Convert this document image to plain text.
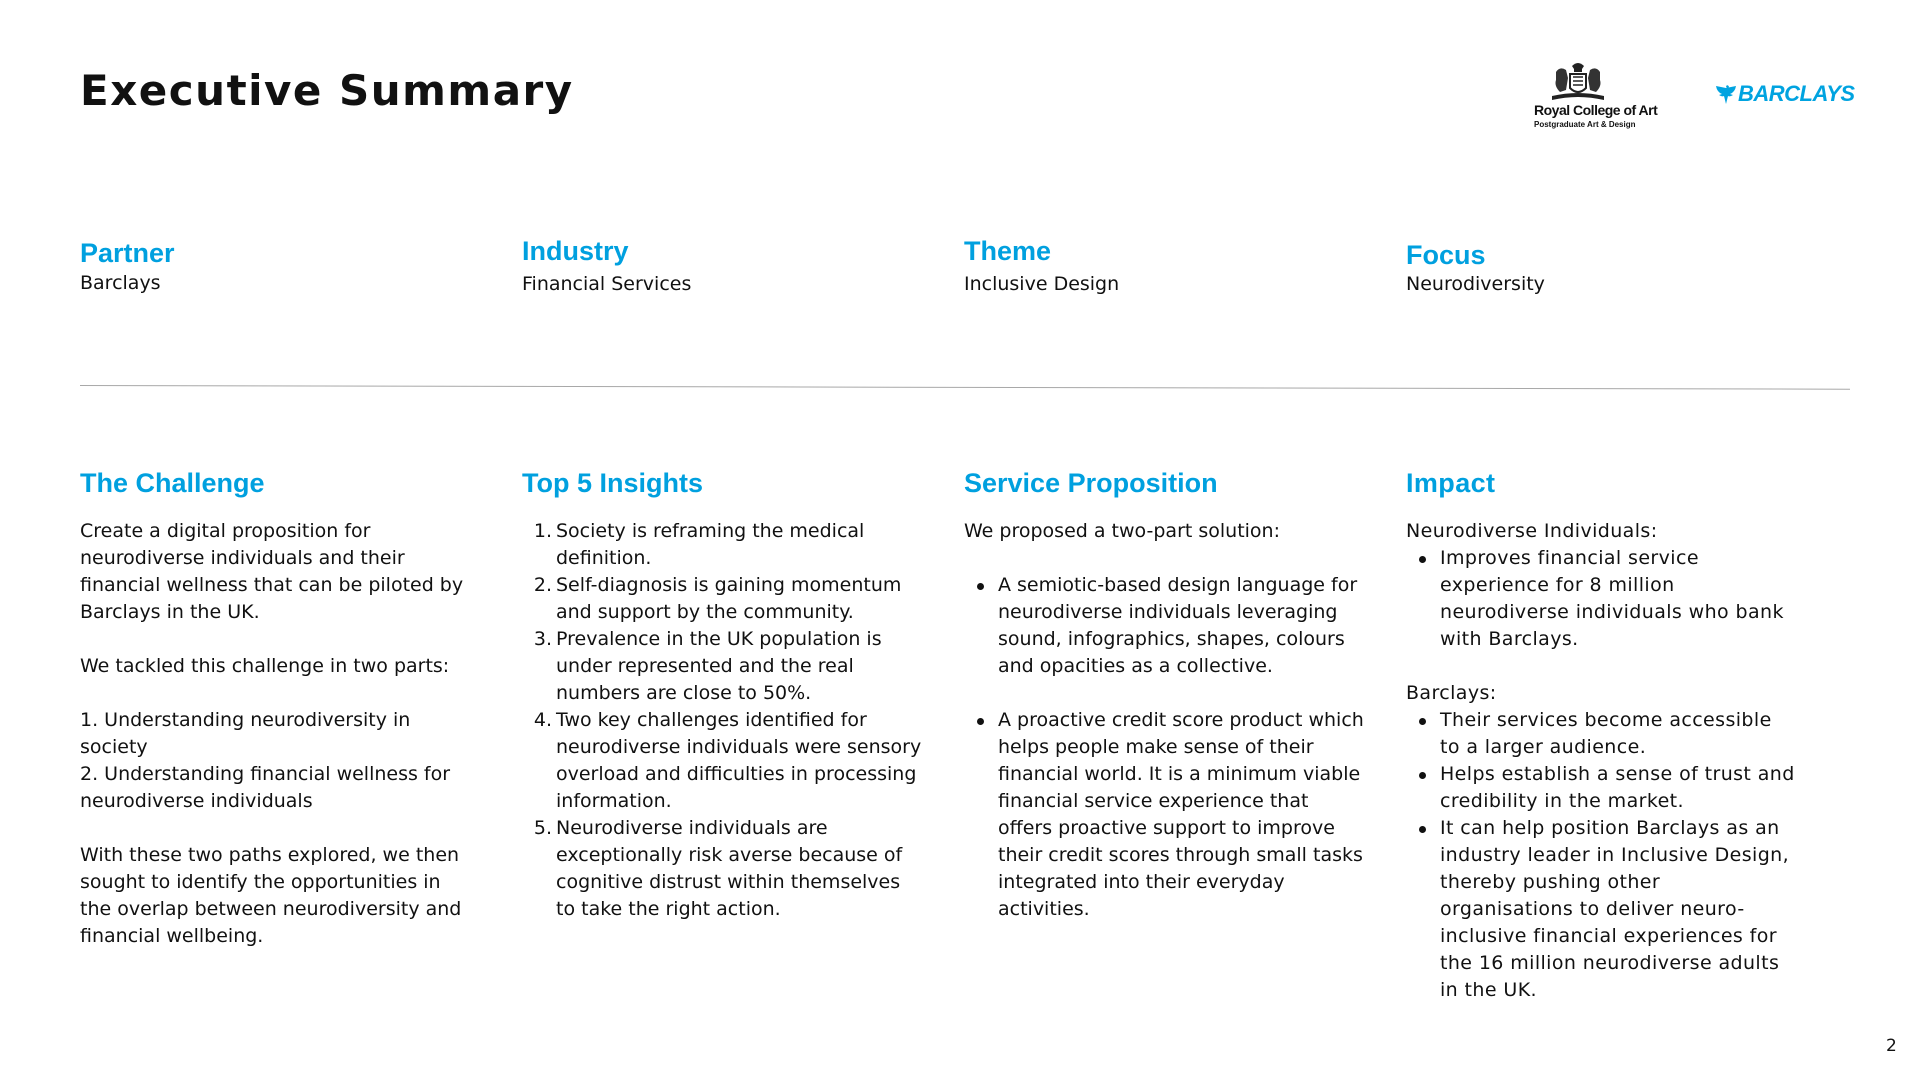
Executive Summary	Royal College of Art
Postgraduate Art & Design
BARCLAYS
Partner

Barclays

Industry

Financial Services

Theme

Inclusive Design

Focus

Neurodiversity

The Challenge

Create a digital proposition for neurodiverse individuals and their financial wellness that can be piloted by Barclays in the UK.

We tackled this challenge in two parts:

1. Understanding neurodiversity in society

2. Understanding financial wellness for neurodiverse individuals

With these two paths explored, we then sought to identify the opportunities in the overlap between neurodiversity and financial wellbeing.

Top 5 Insights
1. Society is reframing the medical definition.
2. Self-diagnosis is gaining momentum and support by the community.
3. Prevalence in the UK population is under represented and the real numbers are close to 50%.
4. Two key challenges identified for neurodiverse individuals were sensory overload and difficulties in processing information.
5. Neurodiverse individuals are exceptionally risk averse because of cognitive distrust within themselves to take the right action.
Service Proposition

We proposed a two-part solution:

A semiotic-based design language for neurodiverse individuals leveraging sound, infographics, shapes, colours and opacities as a collective.
A proactive credit score product which helps people make sense of their financial world. It is a minimum viable financial service experience that offers proactive support to improve their credit scores through small tasks integrated into their everyday activities.
Impact

Neurodiverse Individuals:

Improves financial service experience for 8 million neurodiverse individuals who bank with Barclays.

Barclays:

Their services become accessible to a larger audience.
Helps establish a sense of trust and credibility in the market.
It can help position Barclays as an industry leader in Inclusive Design, thereby pushing other organisations to deliver neuro-inclusive financial experiences for the 16 million neurodiverse adults in the UK.
2
